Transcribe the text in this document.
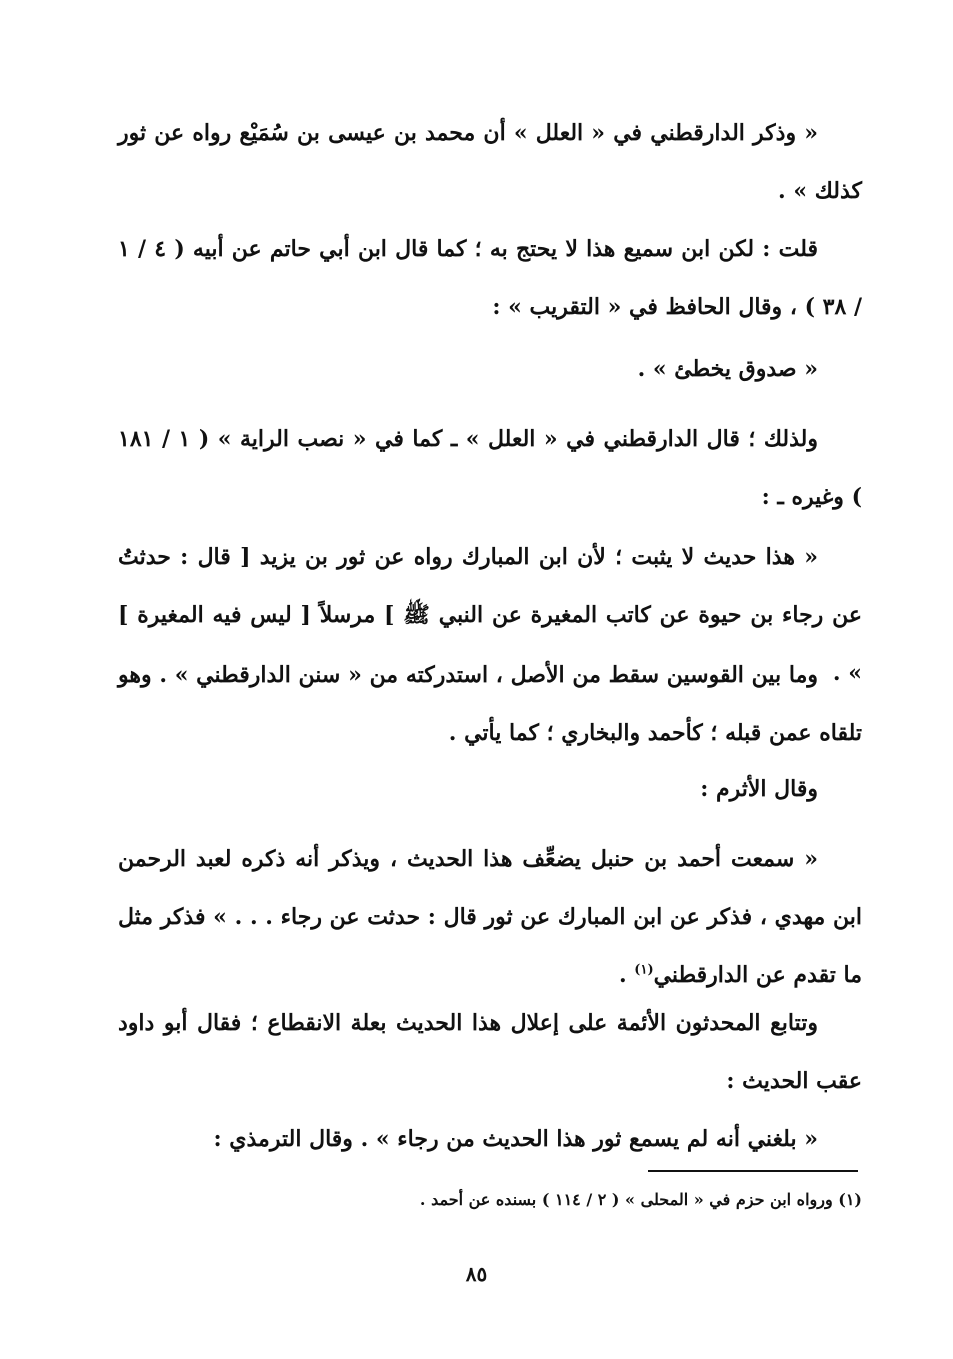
« وذكر الدارقطني في « العلل » أن محمد بن عيسى بن سُمَيْع رواه عن ثور كذلك » .

قلت : لكن ابن سميع هذا لا يحتج به ؛ كما قال ابن أبي حاتم عن أبيه ( ٤ / ١ / ٣٨ ) ، وقال الحافظ في « التقريب » :

« صدوق يخطئ » .

ولذلك ؛ قال الدارقطني في « العلل » ـ كما في « نصب الراية » ( ١ / ١٨١ ) وغيره ـ :

« هذا حديث لا يثبت ؛ لأن ابن المبارك رواه عن ثور بن يزيد [ قال : حدثتُ عن رجاء بن حيوة عن كاتب المغيرة عن النبي ﷺ ] مرسلاً [ ليس فيه المغيرة ] » .

وما بين القوسين سقط من الأصل ، استدركته من « سنن الدارقطني » . وهو تلقاه عمن قبله ؛ كأحمد والبخاري ؛ كما يأتي .

وقال الأثرم :

« سمعت أحمد بن حنبل يضعِّف هذا الحديث ، ويذكر أنه ذكره لعبد الرحمن ابن مهدي ، فذكر عن ابن المبارك عن ثور قال : حدثت عن رجاء . . . » فذكر مثل ما تقدم عن الدارقطني$^{(١)}$ .

وتتابع المحدثون الأئمة على إعلال هذا الحديث بعلة الانقطاع ؛ فقال أبو داود عقب الحديث :

« بلغني أنه لم يسمع ثور هذا الحديث من رجاء » . وقال الترمذي :

(١) ورواه ابن حزم في « المحلى » ( ٢ / ١١٤ ) بسنده عن أحمد .
٨٥
